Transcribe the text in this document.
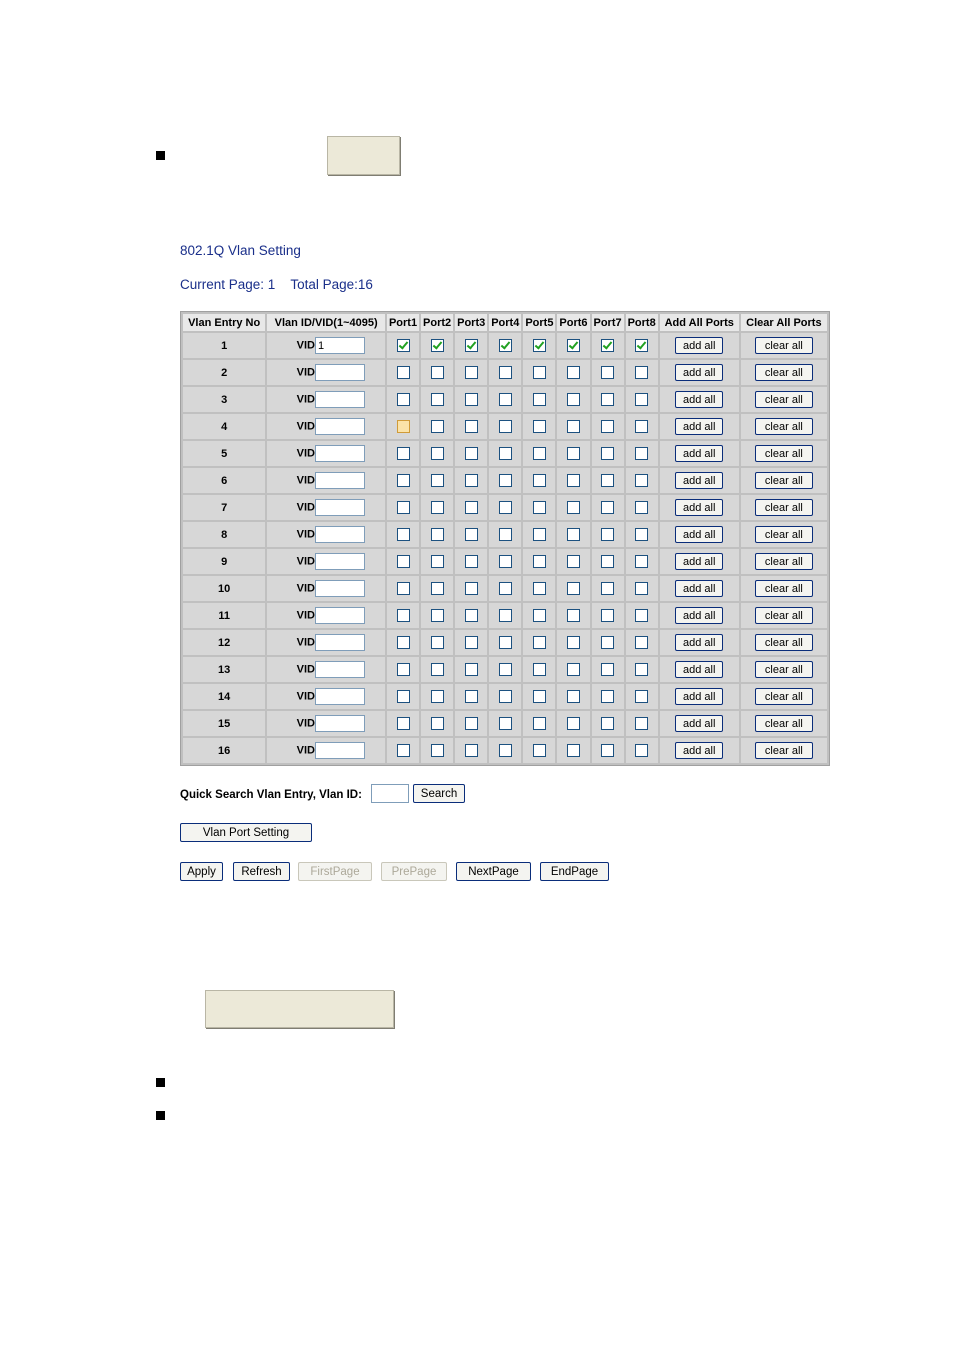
802.1Q Vlan Setting
Current Page: 1 Total Page:16
Vlan Entry No	Vlan ID/VID(1~4095)	Port1	Port2	Port3	Port4	Port5	Port6	Port7	Port8	Add All Ports	Clear All Ports
1	VID1									add all	clear all
2	VID									add all	clear all
3	VID									add all	clear all
4	VID									add all	clear all
5	VID									add all	clear all
6	VID									add all	clear all
7	VID									add all	clear all
8	VID									add all	clear all
9	VID									add all	clear all
10	VID									add all	clear all
11	VID									add all	clear all
12	VID									add all	clear all
13	VID									add all	clear all
14	VID									add all	clear all
15	VID									add all	clear all
16	VID									add all	clear all
Quick Search Vlan Entry, Vlan ID:	Search
Vlan Port Setting
Apply	Refresh	FirstPage	PrePage	NextPage	EndPage
